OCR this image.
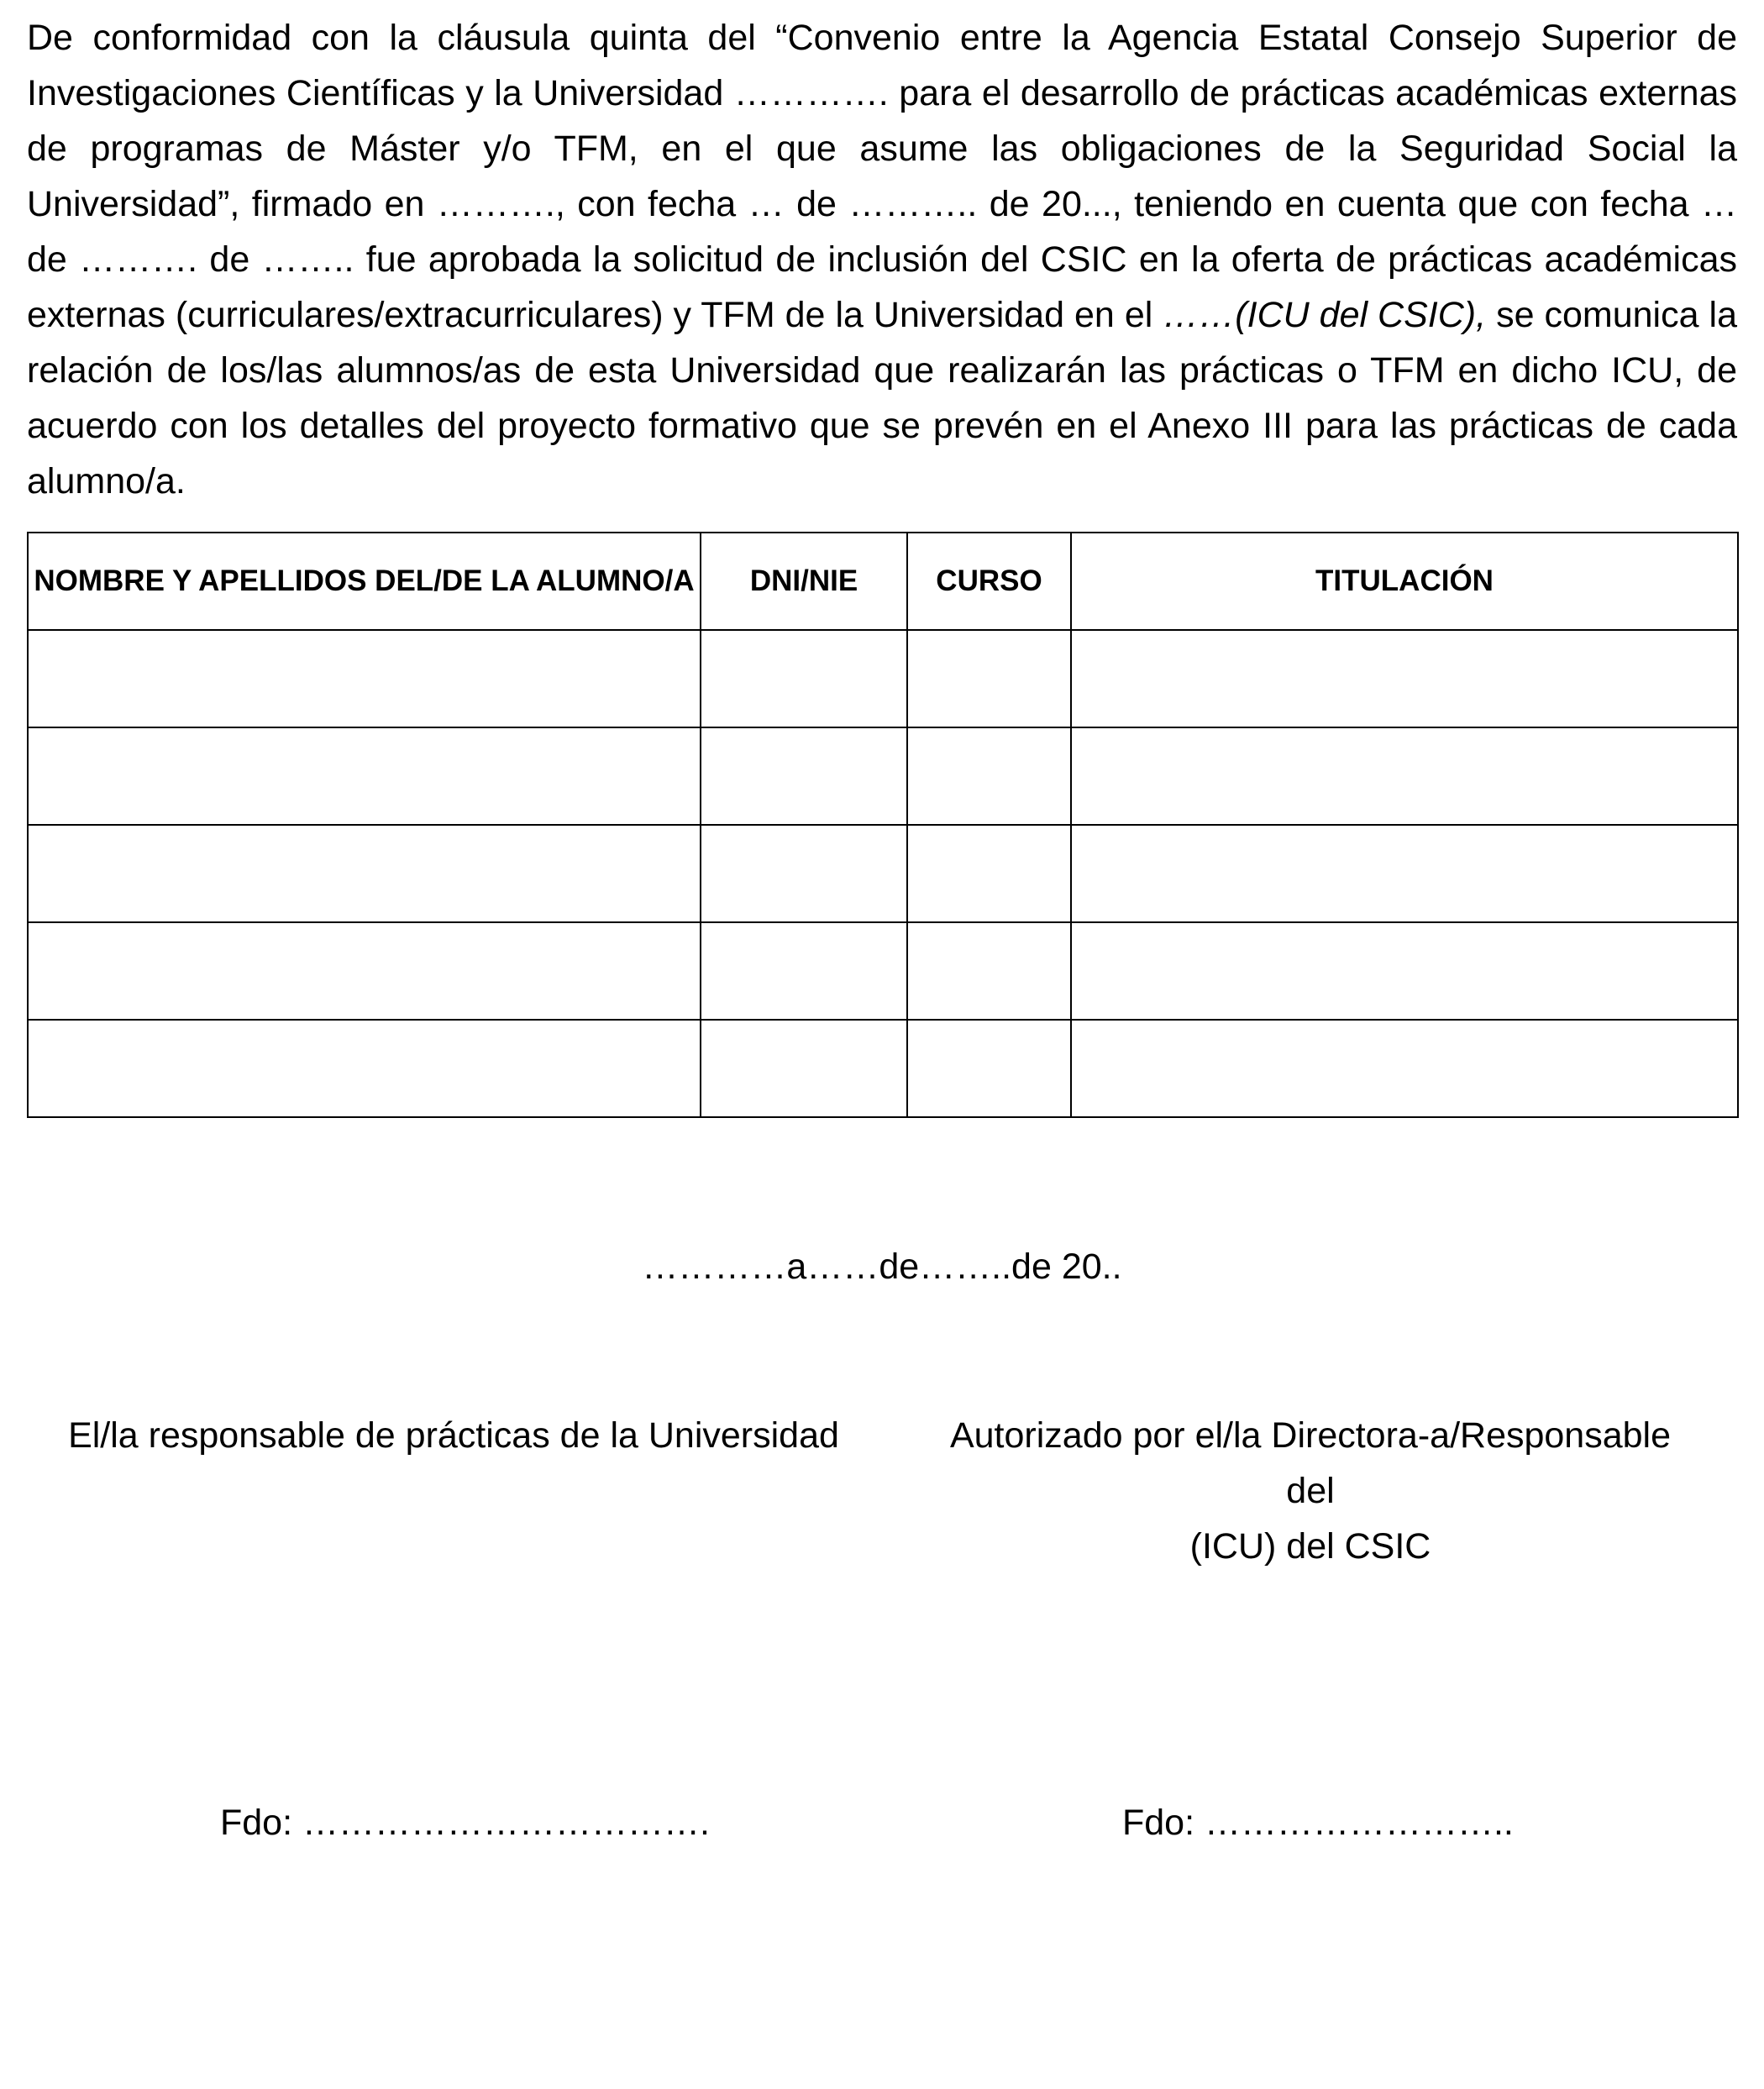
De conformidad con la cláusula quinta del “Convenio entre la Agencia Estatal Consejo Superior de Investigaciones Científicas y la Universidad …………. para el desarrollo de prácticas académicas externas de programas de Máster y/o TFM, en el que asume las obligaciones de la Seguridad Social la Universidad”, firmado en ………., con fecha … de ……….. de 20..., teniendo en cuenta que con fecha … de ………. de …….. fue aprobada la solicitud de inclusión del CSIC en la oferta de prácticas académicas externas (curriculares/extracurriculares) y TFM de la Universidad en el ……(ICU del CSIC), se comunica la relación de los/las alumnos/as de esta Universidad que realizarán las prácticas o TFM en dicho ICU, de acuerdo con los detalles del proyecto formativo que se prevén en el Anexo III para las prácticas de cada alumno/a.

NOMBRE Y APELLIDOS DEL/DE LA ALUMNO/A	DNI/NIE	CURSO	TITULACIÓN

…………a……de……..de 20..
El/la responsable de prácticas de la Universidad	Autorizado por el/la Directora-a/Responsable del
(ICU) del CSIC
Fdo: …………………………….	Fdo: ……………………..
